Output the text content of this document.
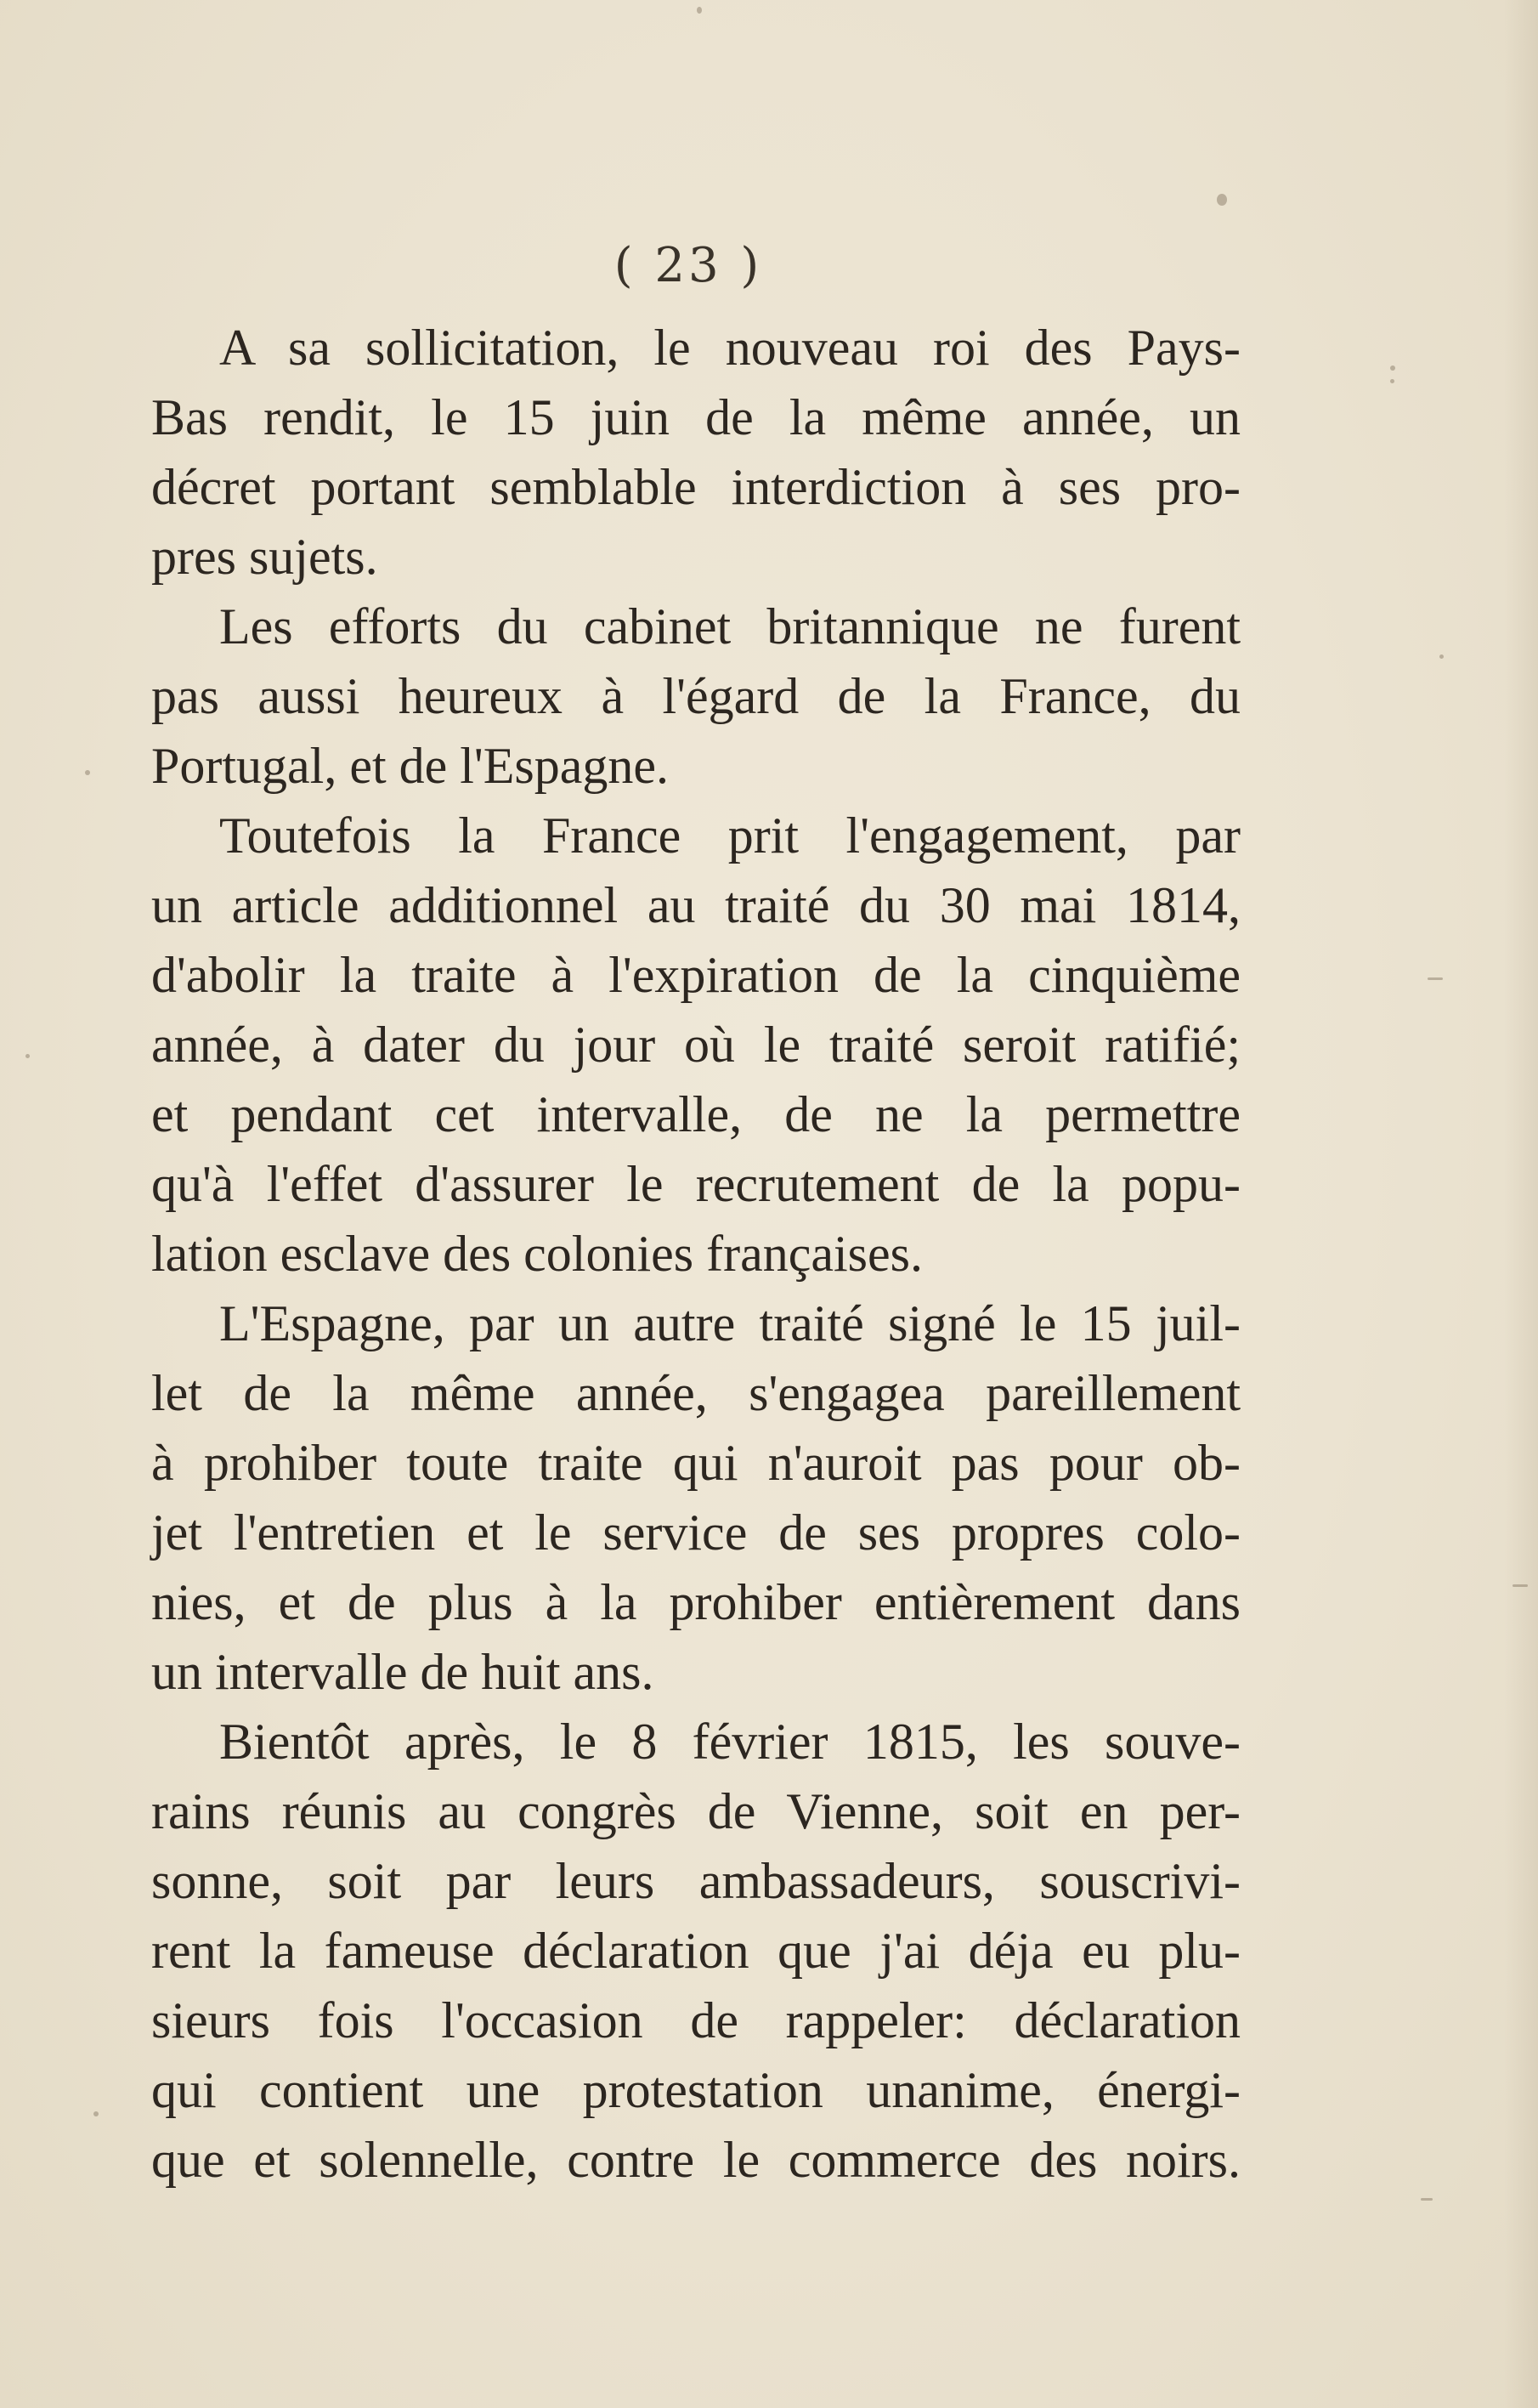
( 23 )
A sa sollicitation, le nouveau roi des Pays-
Bas rendit, le 15 juin de la même année, un
décret portant semblable interdiction à ses pro-
pres sujets.
Les efforts du cabinet britannique ne furent
pas aussi heureux à l'égard de la France, du
Portugal, et de l'Espagne.
Toutefois la France prit l'engagement, par
un article additionnel au traité du 30 mai 1814,
d'abolir la traite à l'expiration de la cinquième
année, à dater du jour où le traité seroit ratifié;
et pendant cet intervalle, de ne la permettre
qu'à l'effet d'assurer le recrutement de la popu-
lation esclave des colonies françaises.
L'Espagne, par un autre traité signé le 15 juil-
let de la même année, s'engagea pareillement
à prohiber toute traite qui n'auroit pas pour ob-
jet l'entretien et le service de ses propres colo-
nies, et de plus à la prohiber entièrement dans
un intervalle de huit ans.
Bientôt après, le 8 février 1815, les souve-
rains réunis au congrès de Vienne, soit en per-
sonne, soit par leurs ambassadeurs, souscrivi-
rent la fameuse déclaration que j'ai déja eu plu-
sieurs fois l'occasion de rappeler: déclaration
qui contient une protestation unanime, énergi-
que et solennelle, contre le commerce des noirs.
